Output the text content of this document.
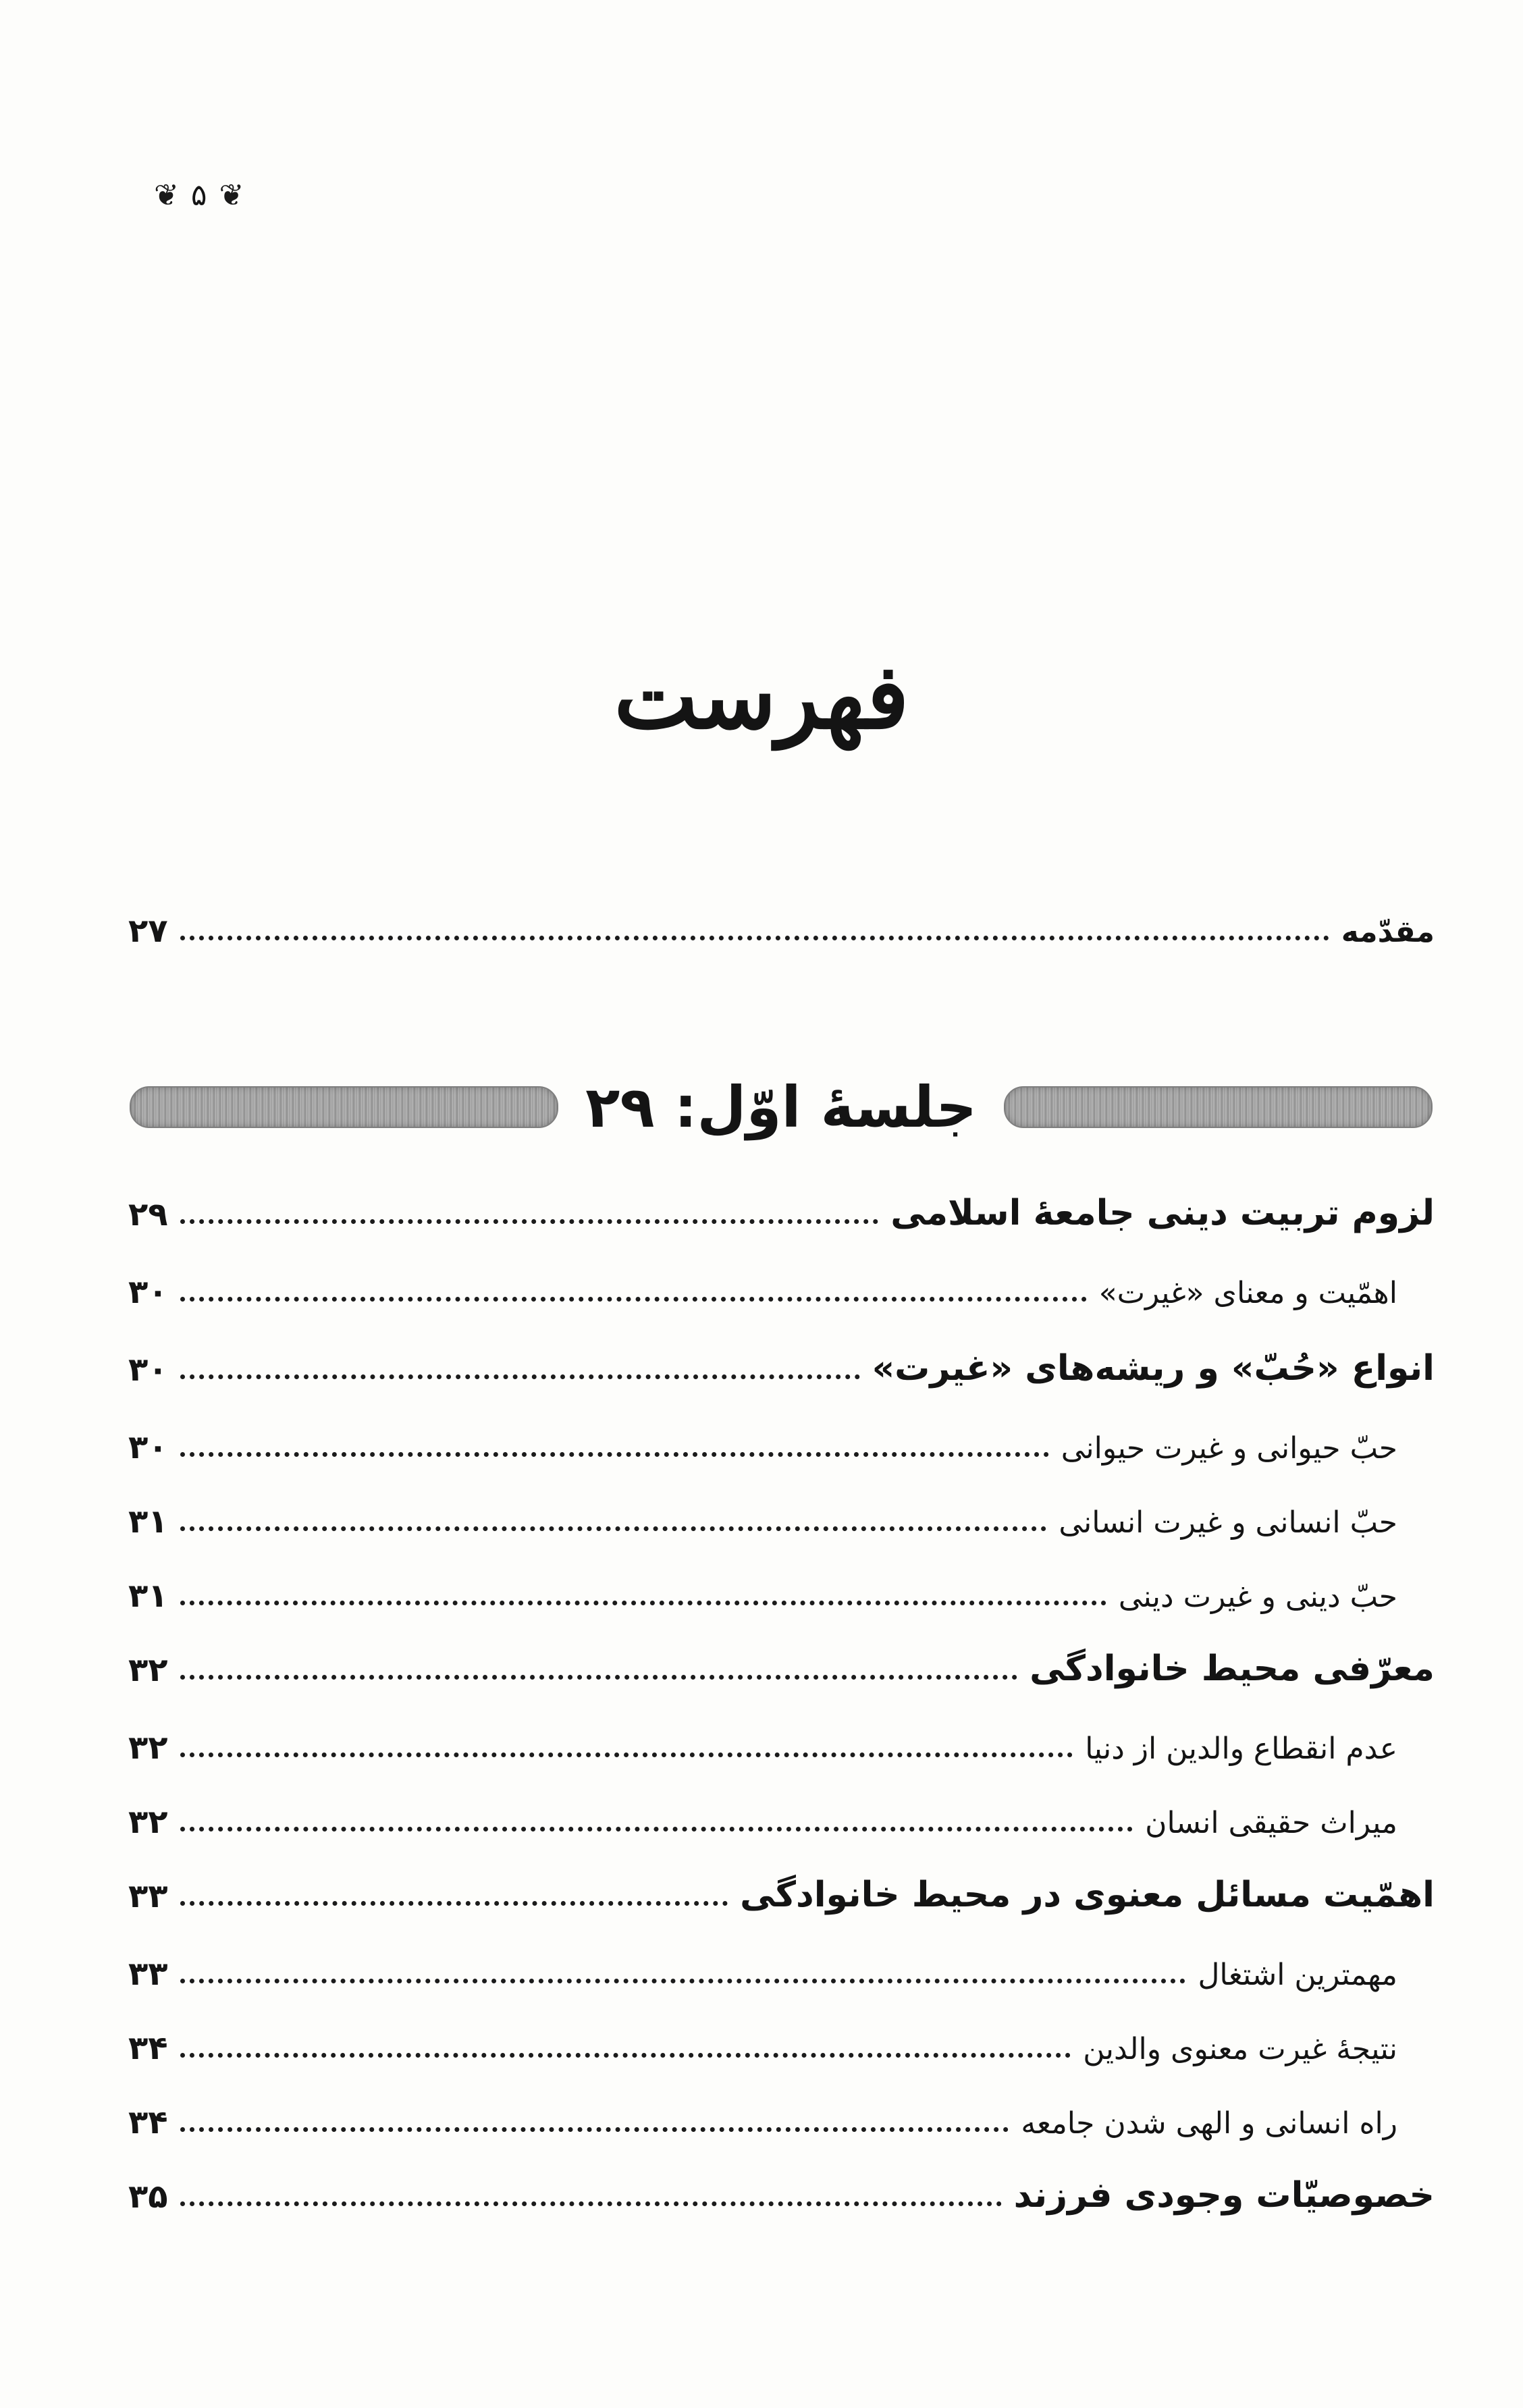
❦ ۵ ❦
فهرست
مقدّمه
۲۷
جلسهٔ اوّل: ۲۹
لزوم تربیت دینی جامعهٔ اسلامی
۲۹
اهمّیت و معنای «غیرت»
۳۰
انواع «حُبّ» و ریشه‌های «غیرت»
۳۰
حبّ حیوانی و غیرت حیوانی
۳۰
حبّ انسانی و غیرت انسانی
۳۱
حبّ دینی و غیرت دینی
۳۱
معرّفی محیط خانوادگی
۳۲
عدم انقطاع والدین از دنیا
۳۲
میراث حقیقی انسان
۳۲
اهمّیت مسائل معنوی در محیط خانوادگی
۳۳
مهمترین اشتغال
۳۳
نتیجهٔ غیرت معنوی والدین
۳۴
راه انسانی و الهی شدن جامعه
۳۴
خصوصیّات وجودی فرزند
۳۵
